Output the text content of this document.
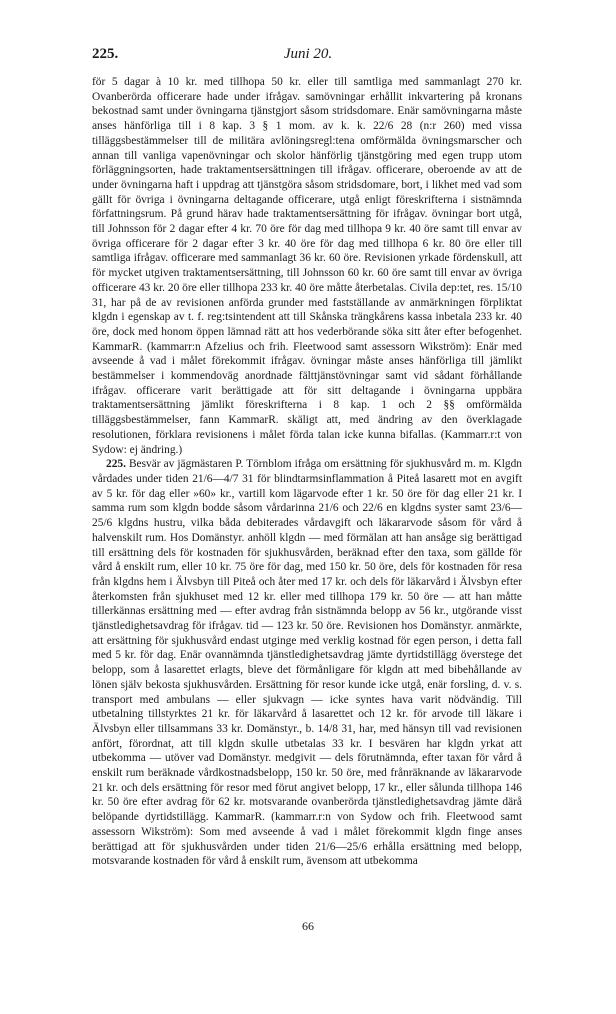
225.	Juni 20.

för 5 dagar à 10 kr. med tillhopa 50 kr. eller till samtliga med sammanlagt 270 kr. Ovanberörda officerare hade under ifrågav. samövningar erhållit inkvartering på kronans bekostnad samt under övningarna tjänstgjort såsom stridsdomare. Enär samövningarna måste anses hänförliga till i 8 kap. 3 § 1 mom. av k. k. 22/6 28 (n:r 260) med vissa tilläggsbestämmelser till de militära avlöningsregl:tena omförmälda övningsmarscher och annan till vanliga vapenövningar och skolor hänförlig tjänstgöring med egen trupp utom förläggningsorten, hade traktamentsersättningen till ifrågav. officerare, oberoende av att de under övningarna haft i uppdrag att tjänstgöra såsom stridsdomare, bort, i likhet med vad som gällt för övriga i övningarna deltagande officerare, utgå enligt föreskrifterna i sistnämnda författningsrum. På grund härav hade traktamentsersättning för ifrågav. övningar bort utgå, till Johnsson för 2 dagar efter 4 kr. 70 öre för dag med tillhopa 9 kr. 40 öre samt till envar av övriga officerare för 2 dagar efter 3 kr. 40 öre för dag med tillhopa 6 kr. 80 öre eller till samtliga ifrågav. officerare med sammanlagt 36 kr. 60 öre. Revisionen yrkade fördenskull, att för mycket utgiven traktamentsersättning, till Johnsson 60 kr. 60 öre samt till envar av övriga officerare 43 kr. 20 öre eller tillhopa 233 kr. 40 öre måtte återbetalas. Civila dep:tet, res. 15/10 31, har på de av revisionen anförda grunder med fastställande av anmärkningen förpliktat klgdn i egenskap av t. f. reg:tsintendent att till Skånska trängkårens kassa inbetala 233 kr. 40 öre, dock med honom öppen lämnad rätt att hos vederbörande söka sitt åter efter befogenhet. KammarR. (kammarr:n Afzelius och frih. Fleetwood samt assessorn Wikström): Enär med avseende å vad i målet förekommit ifrågav. övningar måste anses hänförliga till jämlikt bestämmelser i kommendoväg anordnade fälttjänstövningar samt vid sådant förhållande ifrågav. officerare varit berättigade att för sitt deltagande i övningarna uppbära traktamentsersättning jämlikt föreskrifterna i 8 kap. 1 och 2 §§ omförmälda tilläggsbestämmelser, fann KammarR. skäligt att, med ändring av den överklagade resolutionen, förklara revisionens i målet förda talan icke kunna bifallas. (Kammarr.r:t von Sydow: ej ändring.)

225. Besvär av jägmästaren P. Törnblom ifråga om ersättning för sjukhusvård m. m. Klgdn vårdades under tiden 21/6—4/7 31 för blindtarmsinflammation å Piteå lasarett mot en avgift av 5 kr. för dag eller »60» kr., vartill kom lägarvode efter 1 kr. 50 öre för dag eller 21 kr. I samma rum som klgdn bodde såsom vårdarinna 21/6 och 22/6 en klgdns syster samt 23/6—25/6 klgdns hustru, vilka båda debiterades vårdavgift och läkararvode såsom för vård å halvenskilt rum. Hos Domänstyr. anhöll klgdn — med förmälan att han ansåge sig berättigad till ersättning dels för kostnaden för sjukhusvården, beräknad efter den taxa, som gällde för vård å enskilt rum, eller 10 kr. 75 öre för dag, med 150 kr. 50 öre, dels för kostnaden för resa från klgdns hem i Älvsbyn till Piteå och åter med 17 kr. och dels för läkarvård i Älvsbyn efter återkomsten från sjukhuset med 12 kr. eller med tillhopa 179 kr. 50 öre — att han måtte tillerkännas ersättning med — efter avdrag från sistnämnda belopp av 56 kr., utgörande visst tjänstledighetsavdrag för ifrågav. tid — 123 kr. 50 öre. Revisionen hos Domänstyr. anmärkte, att ersättning för sjukhusvård endast utginge med verklig kostnad för egen person, i detta fall med 5 kr. för dag. Enär ovannämnda tjänstledighetsavdrag jämte dyrtidstillägg överstege det belopp, som å lasarettet erlagts, bleve det förmånligare för klgdn att med bibehållande av lönen själv bekosta sjukhusvården. Ersättning för resor kunde icke utgå, enär forsling, d. v. s. transport med ambulans — eller sjukvagn — icke syntes hava varit nödvändig. Till utbetalning tillstyrktes 21 kr. för läkarvård å lasarettet och 12 kr. för arvode till läkare i Älvsbyn eller tillsammans 33 kr. Domänstyr., b. 14/8 31, har, med hänsyn till vad revisionen anfört, förordnat, att till klgdn skulle utbetalas 33 kr. I besvären har klgdn yrkat att utbekomma — utöver vad Domänstyr. medgivit — dels förutnämnda, efter taxan för vård å enskilt rum beräknade vårdkostnadsbelopp, 150 kr. 50 öre, med frånräknande av läkararvode 21 kr. och dels ersättning för resor med förut angivet belopp, 17 kr., eller sålunda tillhopa 146 kr. 50 öre efter avdrag för 62 kr. motsvarande ovanberörda tjänstledighetsavdrag jämte därå belöpande dyrtidstillägg. KammarR. (kammarr.r:n von Sydow och frih. Fleetwood samt assessorn Wikström): Som med avseende å vad i målet förekommit klgdn finge anses berättigad att för sjukhusvården under tiden 21/6—25/6 erhålla ersättning med belopp, motsvarande kostnaden för vård å enskilt rum, ävensom att utbekomma

66
